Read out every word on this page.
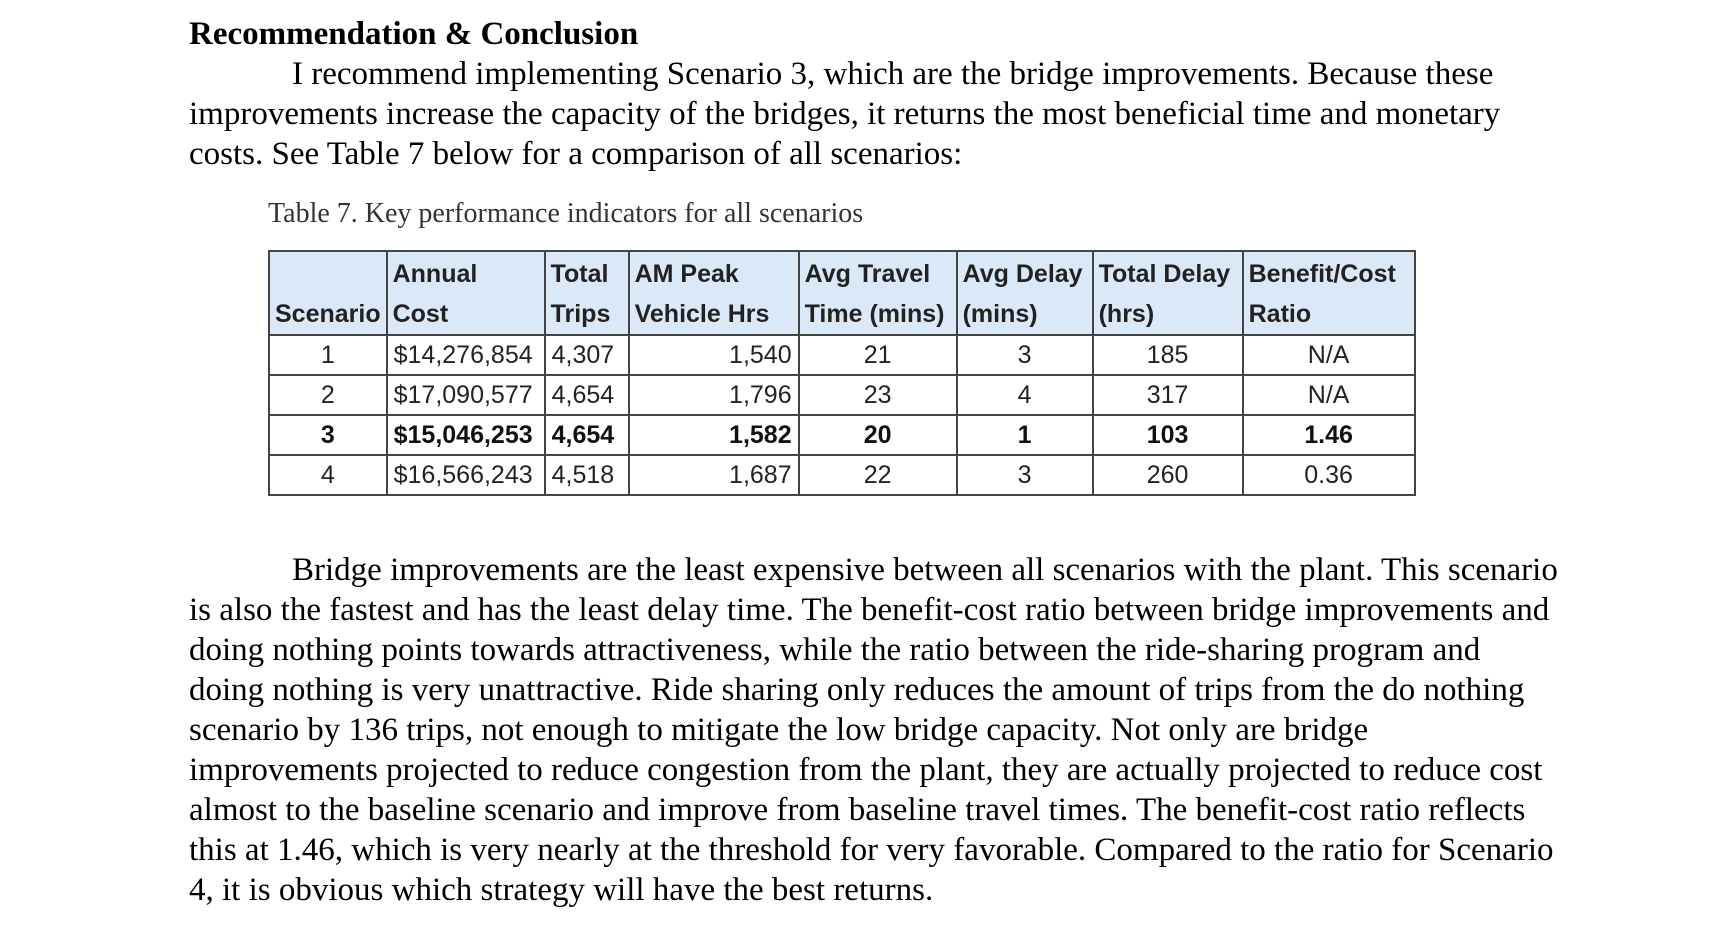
Recommendation & Conclusion

I recommend implementing Scenario 3, which are the bridge improvements. Because these improvements increase the capacity of the bridges, it returns the most beneficial time and monetary costs. See Table 7 below for a comparison of all scenarios:

Table 7. Key performance indicators for all scenarios
Scenario	Annual Cost	Total Trips	AM Peak Vehicle Hrs	Avg Travel Time (mins)	Avg Delay (mins)	Total Delay (hrs)	Benefit/Cost Ratio
1	$14,276,854	4,307	1,540	21	3	185	N/A
2	$17,090,577	4,654	1,796	23	4	317	N/A
3	$15,046,253	4,654	1,582	20	1	103	1.46
4	$16,566,243	4,518	1,687	22	3	260	0.36

Bridge improvements are the least expensive between all scenarios with the plant. This scenario is also the fastest and has the least delay time. The benefit-cost ratio between bridge improvements and doing nothing points towards attractiveness, while the ratio between the ride-sharing program and doing nothing is very unattractive. Ride sharing only reduces the amount of trips from the do nothing scenario by 136 trips, not enough to mitigate the low bridge capacity. Not only are bridge improvements projected to reduce congestion from the plant, they are actually projected to reduce cost almost to the baseline scenario and improve from baseline travel times. The benefit-cost ratio reflects this at 1.46, which is very nearly at the threshold for very favorable. Compared to the ratio for Scenario 4, it is obvious which strategy will have the best returns.
